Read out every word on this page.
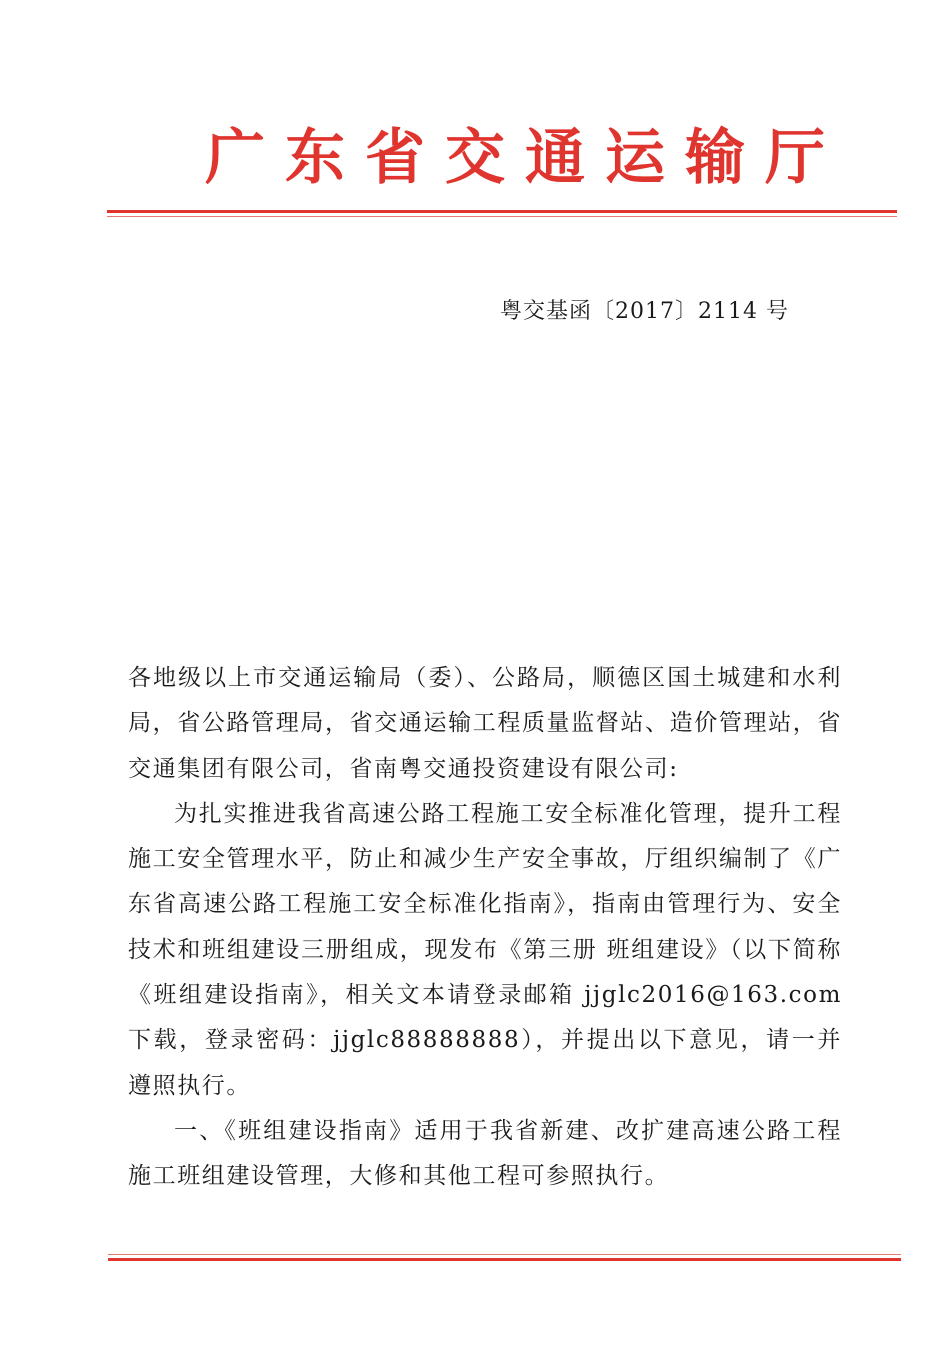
广东省交通运输厅
粤交基函〔2017〕2114 号

各地级以上市交通运输局（委）、公路局，顺德区国土城建和水利局，省公路管理局，省交通运输工程质量监督站、造价管理站，省交通集团有限公司，省南粤交通投资建设有限公司:

为扎实推进我省高速公路工程施工安全标准化管理，提升工程施工安全管理水平，防止和减少生产安全事故，厅组织编制了《广东省高速公路工程施工安全标准化指南》，指南由管理行为、安全技术和班组建设三册组成，现发布《第三册 班组建设》（以下简称《班组建设指南》，相关文本请登录邮箱 jjglc2016@163.com 下载，登录密码：jjglc88888888），并提出以下意见，请一并遵照执行。

一、《班组建设指南》适用于我省新建、改扩建高速公路工程施工班组建设管理，大修和其他工程可参照执行。
